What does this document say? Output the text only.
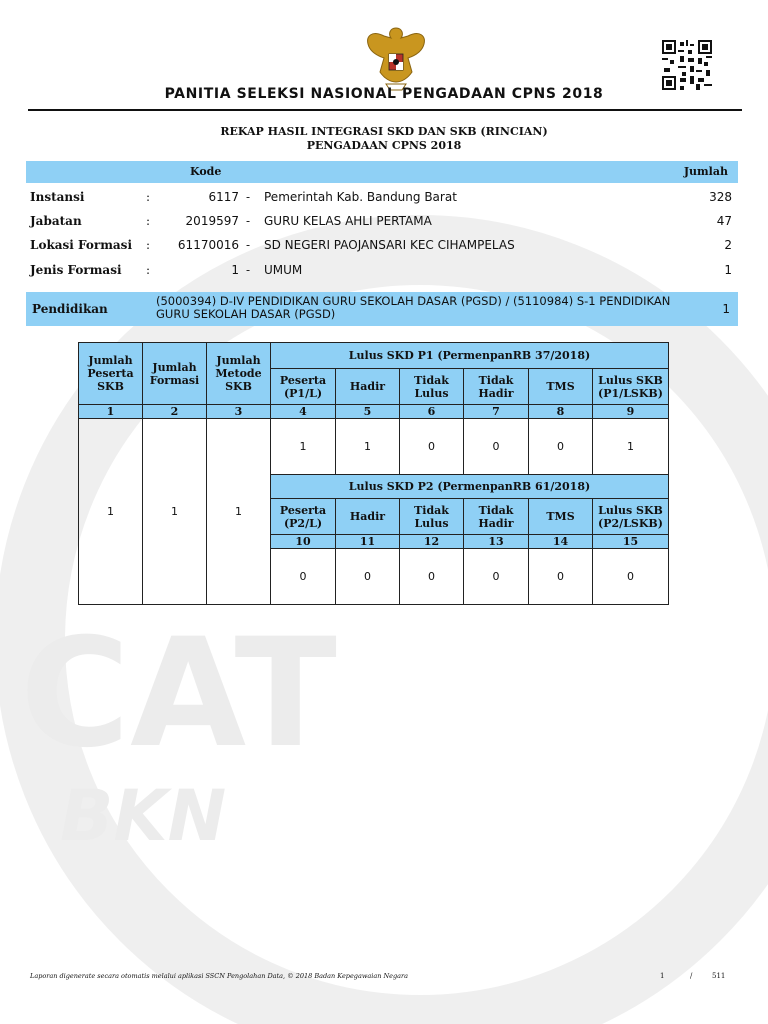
CAT
BKN
PANITIA SELEKSI NASIONAL PENGADAAN CPNS 2018
REKAP HASIL INTEGRASI SKD DAN SKB (RINCIAN)
PENGADAAN CPNS 2018
Kode	Jumlah
Instansi	:	6117 - Pemerintah Kab. Bandung Barat	328
Jabatan	:	2019597 - GURU KELAS AHLI PERTAMA	47
Lokasi Formasi : 61170016 - SD NEGERI PAOJANSARI KEC CIHAMPELAS	2
Jenis Formasi :	1 - UMUM	1
Pendidikan
(5000394) D-IV PENDIDIKAN GURU SEKOLAH DASAR (PGSD) / (5110984) S-1 PENDIDIKAN GURU SEKOLAH DASAR (PGSD)	1
Jumlah Peserta SKB	Jumlah Formasi	Jumlah Metode SKB	Lulus SKD P1 (PermenpanRB 37/2018)					
			Peserta (P1/L)	Hadir	Tidak Lulus	Tidak Hadir	TMS	Lulus SKB (P1/LSKB)
1	2	3	4	5	6	7	8	9
1	1	1	1	1	0	0	0	1
			Lulus SKD P2 (PermenpanRB 61/2018)					
			Peserta (P2/L)	Hadir	Tidak Lulus	Tidak Hadir	TMS	Lulus SKB (P2/LSKB)
			10	11	12	13	14	15
			0	0	0	0	0	0
Laporan digenerate secara otomatis melalui aplikasi SSCN Pengolahan Data, © 2018 Badan Kepegawaian Negara	1	/	511
